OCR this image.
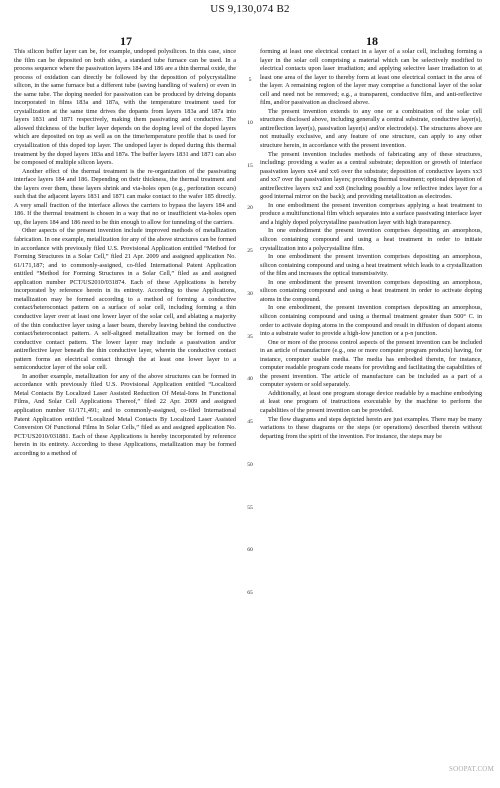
US 9,130,074 B2
17	18

This silicon buffer layer can be, for example, undoped polysilicon. In this case, since the film can be deposited on both sides, a standard tube furnace can be used. In a process sequence where the passivation layers 184 and 186 are a thin thermal oxide, the process of oxidation can directly be followed by the deposition of polycrystalline silicon, in the same furnace but a different tube (saving handling of wafers) or even in the same tube. The doping needed for passivation can be produced by driving dopants incorporated in films 183a and 187a, with the temperature treatment used for crystallization at the same time drives the dopants from layers 183a and 187a into layers 1831 and 1871 respectively, making them passivating and conductive. The allowed thickness of the buffer layer depends on the doping level of the doped layers which are deposited on top as well as on the time/temperature profile that is used for crystallization of this doped top layer. The undoped layer is doped during this thermal treatment by the doped layers 183a and 187a. The buffer layers 1831 and 1871 can also be composed of multiple silicon layers.

Another effect of the thermal treatment is the re-organization of the passivating interface layers 184 and 186. Depending on their thickness, the thermal treatment and the layers over them, these layers shrink and via-holes open (e.g., perforation occurs) such that the adjacent layers 1831 and 1871 can make contact to the wafer 185 directly. A very small fraction of the interface allows the carriers to bypass the layers 184 and 186. If the thermal treatment is chosen in a way that no or insufficient via-holes open up, the layers 184 and 186 need to be thin enough to allow for tunneling of the carriers.

Other aspects of the present invention include improved methods of metallization fabrication. In one example, metallization for any of the above structures can be formed in accordance with previously filed U.S. Provisional Application entitled “Method for Forming Structures in a Solar Cell,” filed 21 Apr. 2009 and assigned application No. 61/171,187; and to commonly-assigned, co-filed International Patent Application entitled “Method for Forming Structures in a Solar Cell,” filed as and assigned application number PCT/US2010/031874. Each of these Applications is hereby incorporated by reference herein in its entirety. According to these Applications, metallization may be formed according to a method of forming a conductive contact/heterocontact pattern on a surface of solar cell, including forming a thin conductive layer over at least one lower layer of the solar cell, and ablating a majority of the thin conductive layer using a laser beam, thereby leaving behind the conductive contact/heterocontact pattern. A self-aligned metallization may be formed on the conductive contact pattern. The lower layer may include a passivation and/or antireflective layer beneath the thin conductive layer, wherein the conductive contact pattern forms an electrical contact through the at least one lower layer to a semiconductor layer of the solar cell.

In another example, metallization for any of the above structures can be formed in accordance with previously filed U.S. Provisional Application entitled “Localized Metal Contacts By Localized Laser Assisted Reduction Of Metal-Ions In Functional Films, And Solar Cell Applications Thereof,” filed 22 Apr. 2009 and assigned application number 61/171,491; and to commonly-assigned, co-filed International Patent Application entitled “Localized Metal Contacts By Localized Laser Assisted Conversion Of Functional Films In Solar Cells,” filed as and assigned application No. PCT/US2010/031881. Each of these Applications is hereby incorporated by reference herein in its entirety. According to these Applications, metallization may be formed according to a method of

5
10
15
20
25
30
35
40
45
50
55
60
65

forming at least one electrical contact in a layer of a solar cell, including forming a layer in the solar cell comprising a material which can be selectively modified to electrical contacts upon laser irradiation; and applying selective laser irradiation to at least one area of the layer to thereby form at least one electrical contact in the area of the layer. A remaining region of the layer may comprise a functional layer of the solar cell and need not be removed; e.g., a transparent, conductive film, and anti-reflective film, and/or passivation as disclosed above.

The present invention extends to any one or a combination of the solar cell structures disclosed above, including generally a central substrate, conductive layer(s), antireflection layer(s), passivation layer(s) and/or electrode(s). The structures above are not mutually exclusive, and any feature of one structure, can apply to any other structure herein, in accordance with the present invention.

The present invention includes methods of fabricating any of these structures, including: providing a wafer as a central substrate; deposition or growth of interface passivation layers xx4 and xx6 over the substrate; deposition of conductive layers xx3 and xx7 over the passivation layers; providing thermal treatment; optional deposition of antireflective layers xx2 and xx8 (including possibly a low reflective index layer for a good internal mirror on the back); and providing metallization as electrodes.

In one embodiment the present invention comprises applying a heat treatment to produce a multifunctional film which separates into a surface passivating interface layer and a highly doped polycrystalline passivation layer with high transparency.

In one embodiment the present invention comprises depositing an amorphous, silicon containing compound and using a heat treatment in order to initiate crystallization into a polycrystalline film.

In one embodiment the present invention comprises depositing an amorphous, silicon containing compound and using a heat treatment which leads to a crystallization of the film and increases the optical transmissivity.

In one embodiment the present invention comprises depositing an amorphous, silicon containing compound and using a heat treatment in order to activate doping atoms in the compound.

In one embodiment, the present invention comprises depositing an amorphous, silicon containing compound and using a thermal treatment greater than 500° C. in order to activate doping atoms in the compound and result in diffusion of dopant atoms into a substrate wafer to provide a high-low junction or a p-n junction.

One or more of the process control aspects of the present invention can be included in an article of manufacture (e.g., one or more computer program products) having, for instance, computer usable media. The media has embodied therein, for instance, computer readable program code means for providing and facilitating the capabilities of the present invention. The article of manufacture can be included as a part of a computer system or sold separately.

Additionally, at least one program storage device readable by a machine embodying at least one program of instructions executable by the machine to perform the capabilities of the present invention can be provided.

The flow diagrams and steps depicted herein are just examples. There may be many variations to these diagrams or the steps (or operations) described therein without departing from the spirit of the invention. For instance, the steps may be

SOOPAT.COM
